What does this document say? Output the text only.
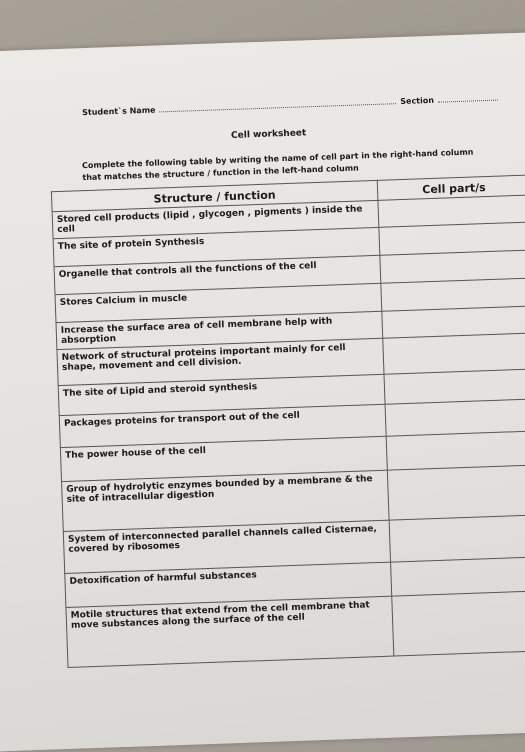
Student`s Name
Section
Cell worksheet
Complete the following table by writing the name of cell part in the right-hand column that matches the structure / function in the left-hand column
Structure / function	Cell part/s
Stored cell products (lipid , glycogen , pigments ) inside the cell	
The site of protein Synthesis	
Organelle that controls all the functions of the cell	
Stores Calcium in muscle	
Increase the surface area of cell membrane help with absorption	
Network of structural proteins important mainly for cell shape, movement and cell division.	
The site of Lipid and steroid synthesis	
Packages proteins for transport out of the cell	
The power house of the cell	
Group of hydrolytic enzymes bounded by a membrane & the site of intracellular digestion	
System of interconnected parallel channels called Cisternae, covered by ribosomes	
Detoxification of harmful substances	
Motile structures that extend from the cell membrane that move substances along the surface of the cell	
